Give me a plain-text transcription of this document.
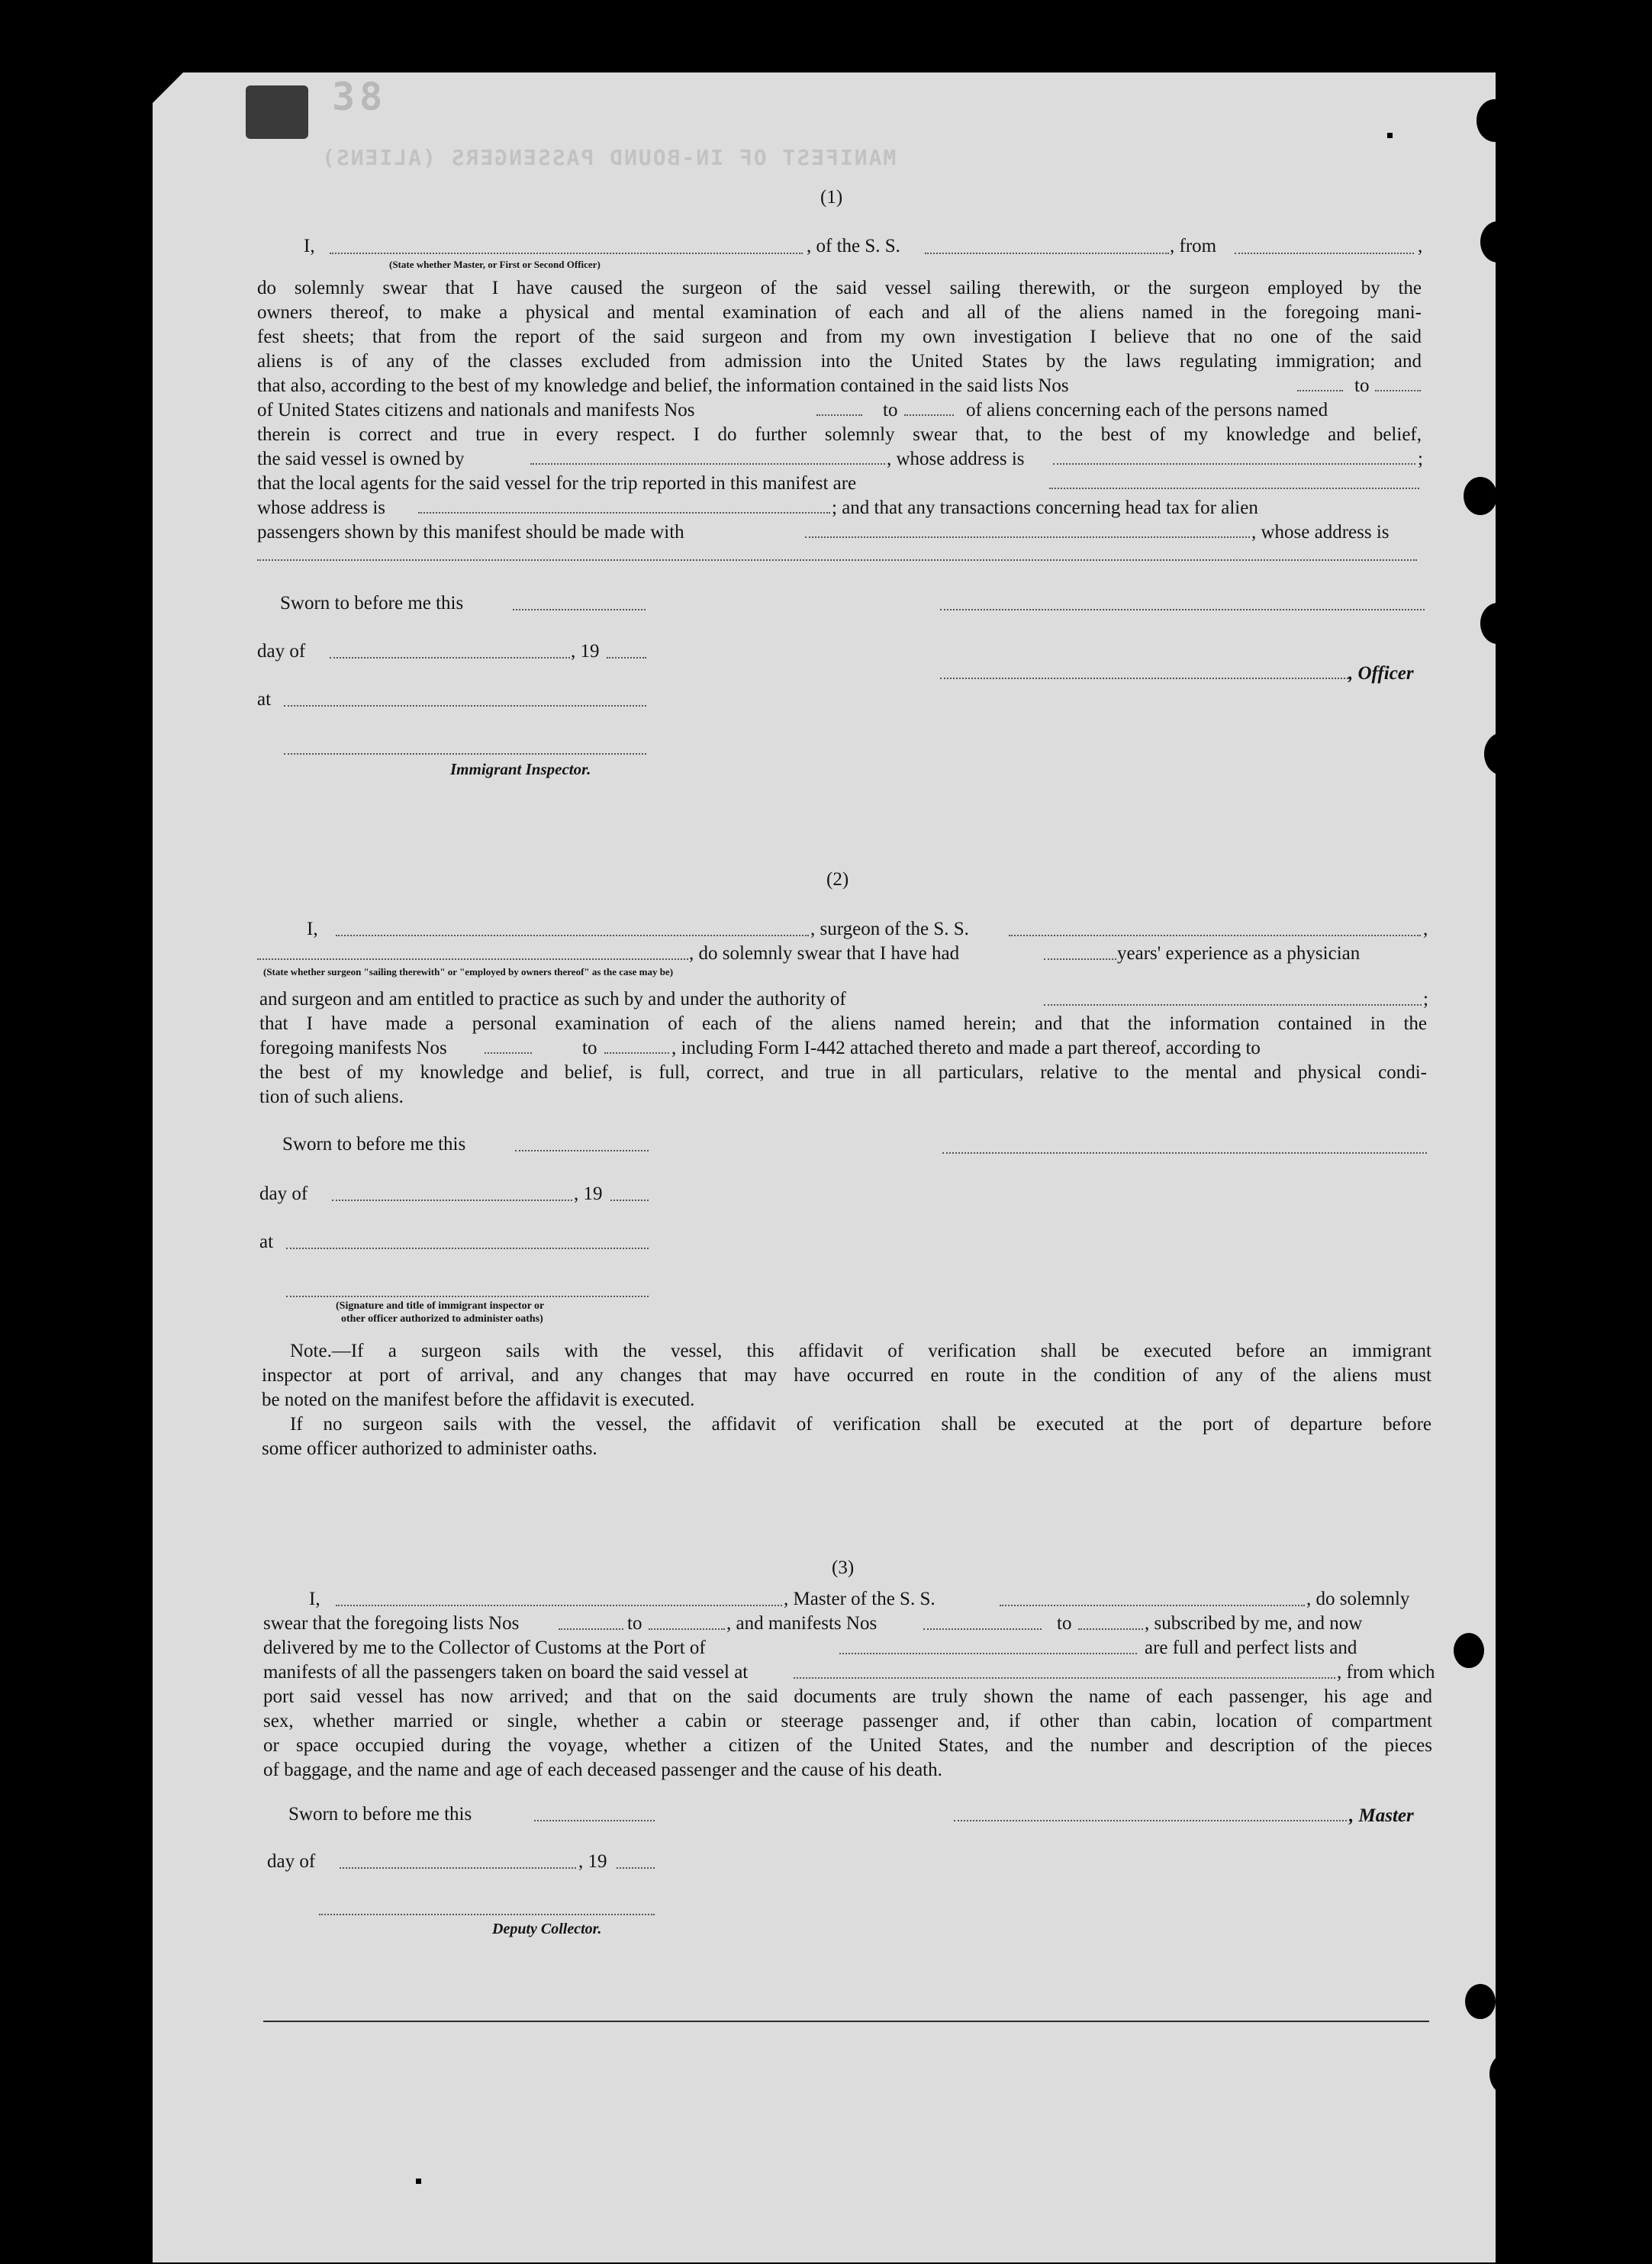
38
MANIFEST OF IN-BOUND PASSENGERS (ALIENS)
(1)
I,	, of the S. S.	, from	,
(State whether Master, or First or Second Officer)
do solemnly swear that I have caused the surgeon of the said vessel sailing therewith, or the surgeon employed by the
owners thereof, to make a physical and mental examination of each and all of the aliens named in the foregoing mani-
fest sheets; that from the report of the said surgeon and from my own investigation I believe that no one of the said
aliens is of any of the classes excluded from admission into the United States by the laws regulating immigration; and
that also, according to the best of my knowledge and belief, the information contained in the said lists Nos	to
of United States citizens and nationals and manifests Nos	to	of aliens concerning each of the persons named
therein is correct and true in every respect. I do further solemnly swear that, to the best of my knowledge and belief,
the said vessel is owned by	, whose address is	;
that the local agents for the said vessel for the trip reported in this manifest are
whose address is	; and that any transactions concerning head tax for alien
passengers shown by this manifest should be made with	, whose address is
Sworn to before me this
day of	, 19
, Officer
at
Immigrant Inspector.
(2)
I,	, surgeon of the S. S.	,
, do solemnly swear that I have had	years' experience as a physician
(State whether surgeon "sailing therewith" or "employed by owners thereof" as the case may be)
and surgeon and am entitled to practice as such by and under the authority of	;
that I have made a personal examination of each of the aliens named herein; and that the information contained in the
foregoing manifests Nos	to	, including Form I-442 attached thereto and made a part thereof, according to
the best of my knowledge and belief, is full, correct, and true in all particulars, relative to the mental and physical condi-
tion of such aliens.
Sworn to before me this
day of	, 19
at
(Signature and title of immigrant inspector or
other officer authorized to administer oaths)
Note.—If a surgeon sails with the vessel, this affidavit of verification shall be executed before an immigrant
inspector at port of arrival, and any changes that may have occurred en route in the condition of any of the aliens must
be noted on the manifest before the affidavit is executed.
If no surgeon sails with the vessel, the affidavit of verification shall be executed at the port of departure before
some officer authorized to administer oaths.
(3)
I,	, Master of the S. S.	, do solemnly
swear that the foregoing lists Nos	to	, and manifests Nos	to	, subscribed by me, and now
delivered by me to the Collector of Customs at the Port of	are full and perfect lists and
manifests of all the passengers taken on board the said vessel at	, from which
port said vessel has now arrived; and that on the said documents are truly shown the name of each passenger, his age and
sex, whether married or single, whether a cabin or steerage passenger and, if other than cabin, location of compartment
or space occupied during the voyage, whether a citizen of the United States, and the number and description of the pieces
of baggage, and the name and age of each deceased passenger and the cause of his death.
Sworn to before me this	, Master
day of	, 19
Deputy Collector.
